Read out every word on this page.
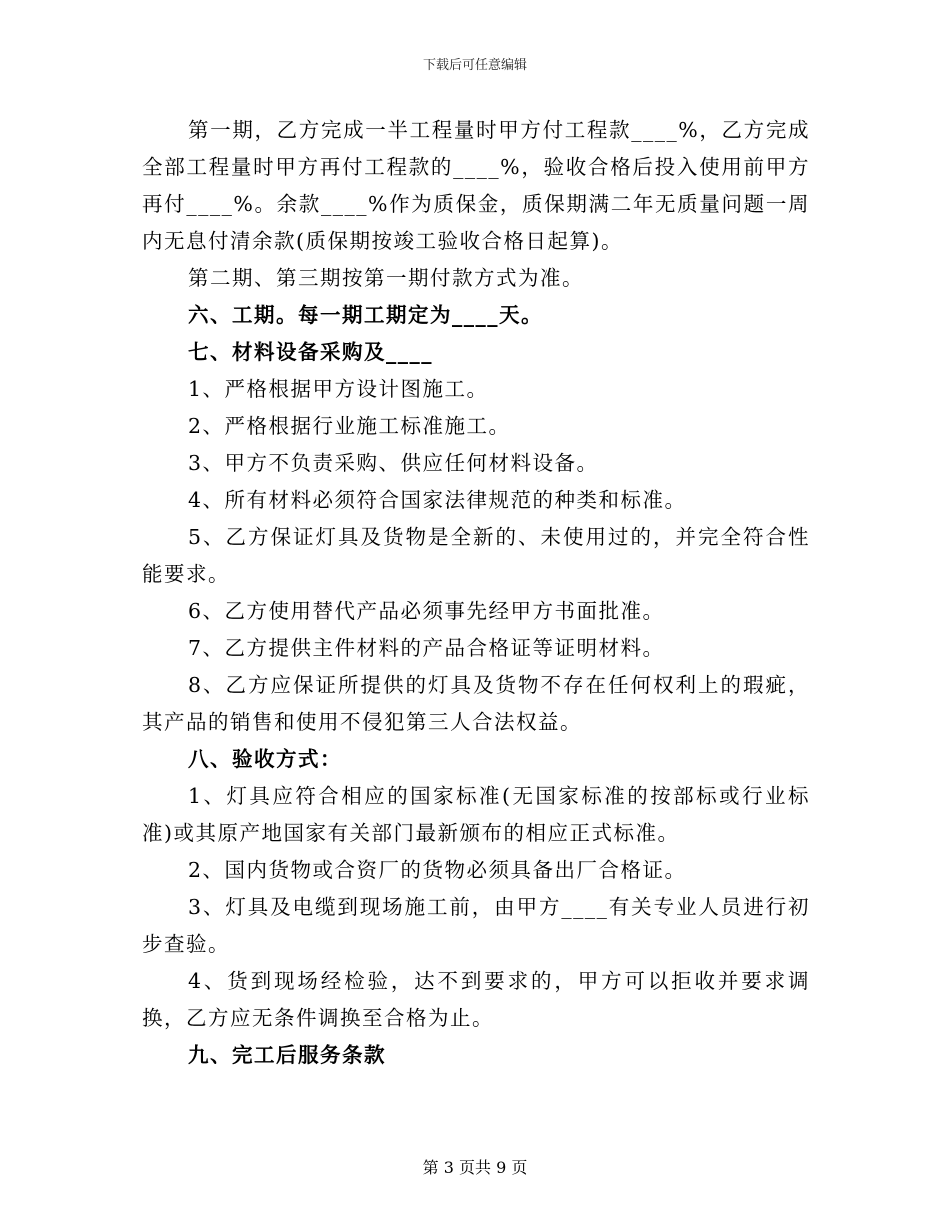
下载后可任意编辑

第一期，乙方完成一半工程量时甲方付工程款____%，乙方完成全部工程量时甲方再付工程款的____%，验收合格后投入使用前甲方再付____%。余款____%作为质保金，质保期满二年无质量问题一周内无息付清余款(质保期按竣工验收合格日起算)。

第二期、第三期按第一期付款方式为准。

六、工期。每一期工期定为____天。

七、材料设备采购及____

1、严格根据甲方设计图施工。

2、严格根据行业施工标准施工。

3、甲方不负责采购、供应任何材料设备。

4、所有材料必须符合国家法律规范的种类和标准。

5、乙方保证灯具及货物是全新的、未使用过的，并完全符合性能要求。

6、乙方使用替代产品必须事先经甲方书面批准。

7、乙方提供主件材料的产品合格证等证明材料。

8、乙方应保证所提供的灯具及货物不存在任何权利上的瑕疵，其产品的销售和使用不侵犯第三人合法权益。

八、验收方式：

1、灯具应符合相应的国家标准(无国家标准的按部标或行业标准)或其原产地国家有关部门最新颁布的相应正式标准。

2、国内货物或合资厂的货物必须具备出厂合格证。

3、灯具及电缆到现场施工前，由甲方____有关专业人员进行初步查验。

4、货到现场经检验，达不到要求的，甲方可以拒收并要求调换，乙方应无条件调换至合格为止。

九、完工后服务条款

第 3 页共 9 页
